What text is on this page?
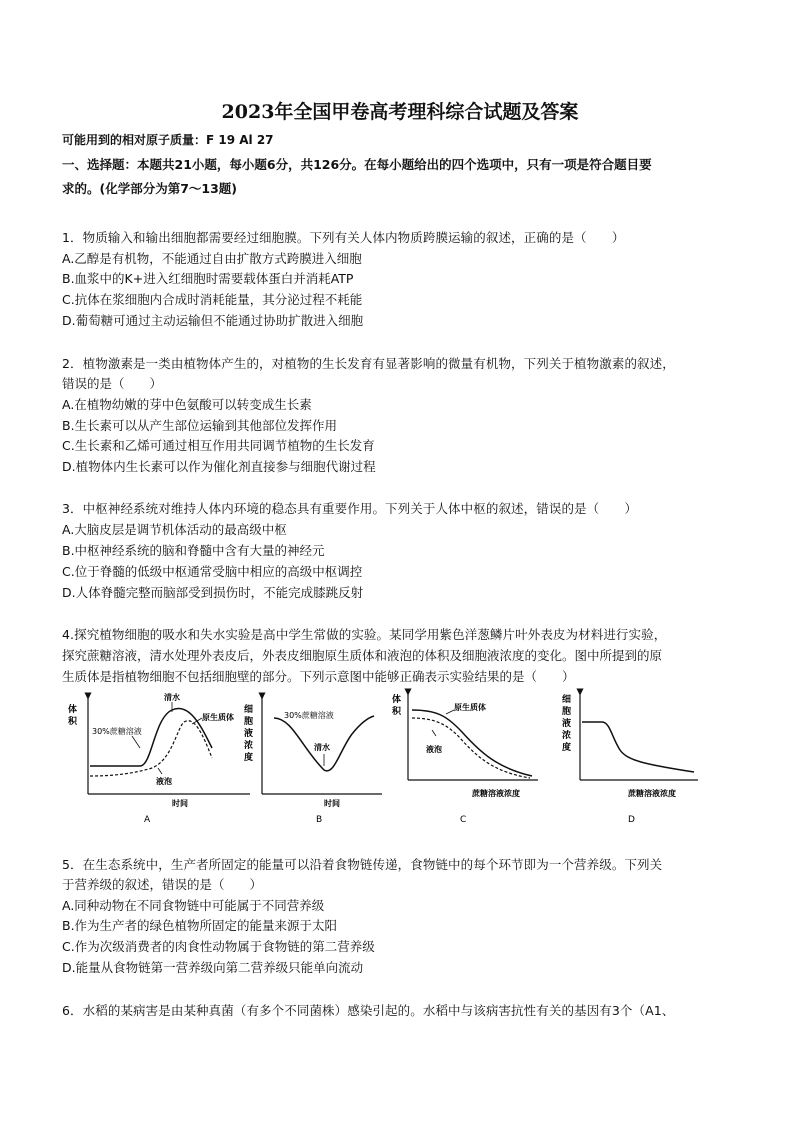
2023年全国甲卷高考理科综合试题及答案
可能用到的相对原子质量：F 19 Al 27
一、选择题：本题共21小题，每小题6分，共126分。在每小题给出的四个选项中，只有一项是符合题目要
求的。(化学部分为第7～13题)
1．物质输入和输出细胞都需要经过细胞膜。下列有关人体内物质跨膜运输的叙述，正确的是（　　）
A.乙醇是有机物，不能通过自由扩散方式跨膜进入细胞
B.血浆中的K+进入红细胞时需要载体蛋白并消耗ATP
C.抗体在浆细胞内合成时消耗能量，其分泌过程不耗能
D.葡萄糖可通过主动运输但不能通过协助扩散进入细胞
2．植物激素是一类由植物体产生的，对植物的生长发育有显著影响的微量有机物，下列关于植物激素的叙述，
错误的是（　　）
A.在植物幼嫩的芽中色氨酸可以转变成生长素
B.生长素可以从产生部位运输到其他部位发挥作用
C.生长素和乙烯可通过相互作用共同调节植物的生长发育
D.植物体内生长素可以作为催化剂直接参与细胞代谢过程
3．中枢神经系统对维持人体内环境的稳态具有重要作用。下列关于人体中枢的叙述，错误的是（　　）
A.大脑皮层是调节机体活动的最高级中枢
B.中枢神经系统的脑和脊髓中含有大量的神经元
C.位于脊髓的低级中枢通常受脑中相应的高级中枢调控
D.人体脊髓完整而脑部受到损伤时，不能完成膝跳反射
4.探究植物细胞的吸水和失水实验是高中学生常做的实验。某同学用紫色洋葱鳞片叶外表皮为材料进行实验，
探究蔗糖溶液，清水处理外表皮后，外表皮细胞原生质体和液泡的体积及细胞液浓度的变化。图中所提到的原
生质体是指植物细胞不包括细胞壁的部分。下列示意图中能够正确表示实验结果的是（　　）
体
积
30%蔗糖溶液
清水
原生质体
液泡
时间
A
细
胞
液
浓
度
30%蔗糖溶液
清水
时间
B
体
积	原生质体
液泡
蔗糖溶液浓度
C
细
胞
液
浓
度
蔗糖溶液浓度
D
5．在生态系统中，生产者所固定的能量可以沿着食物链传递，食物链中的每个环节即为一个营养级。下列关
于营养级的叙述，错误的是（　　）
A.同种动物在不同食物链中可能属于不同营养级
B.作为生产者的绿色植物所固定的能量来源于太阳
C.作为次级消费者的肉食性动物属于食物链的第二营养级
D.能量从食物链第一营养级向第二营养级只能单向流动
6．水稻的某病害是由某种真菌（有多个不同菌株）感染引起的。水稻中与该病害抗性有关的基因有3个（A1、
